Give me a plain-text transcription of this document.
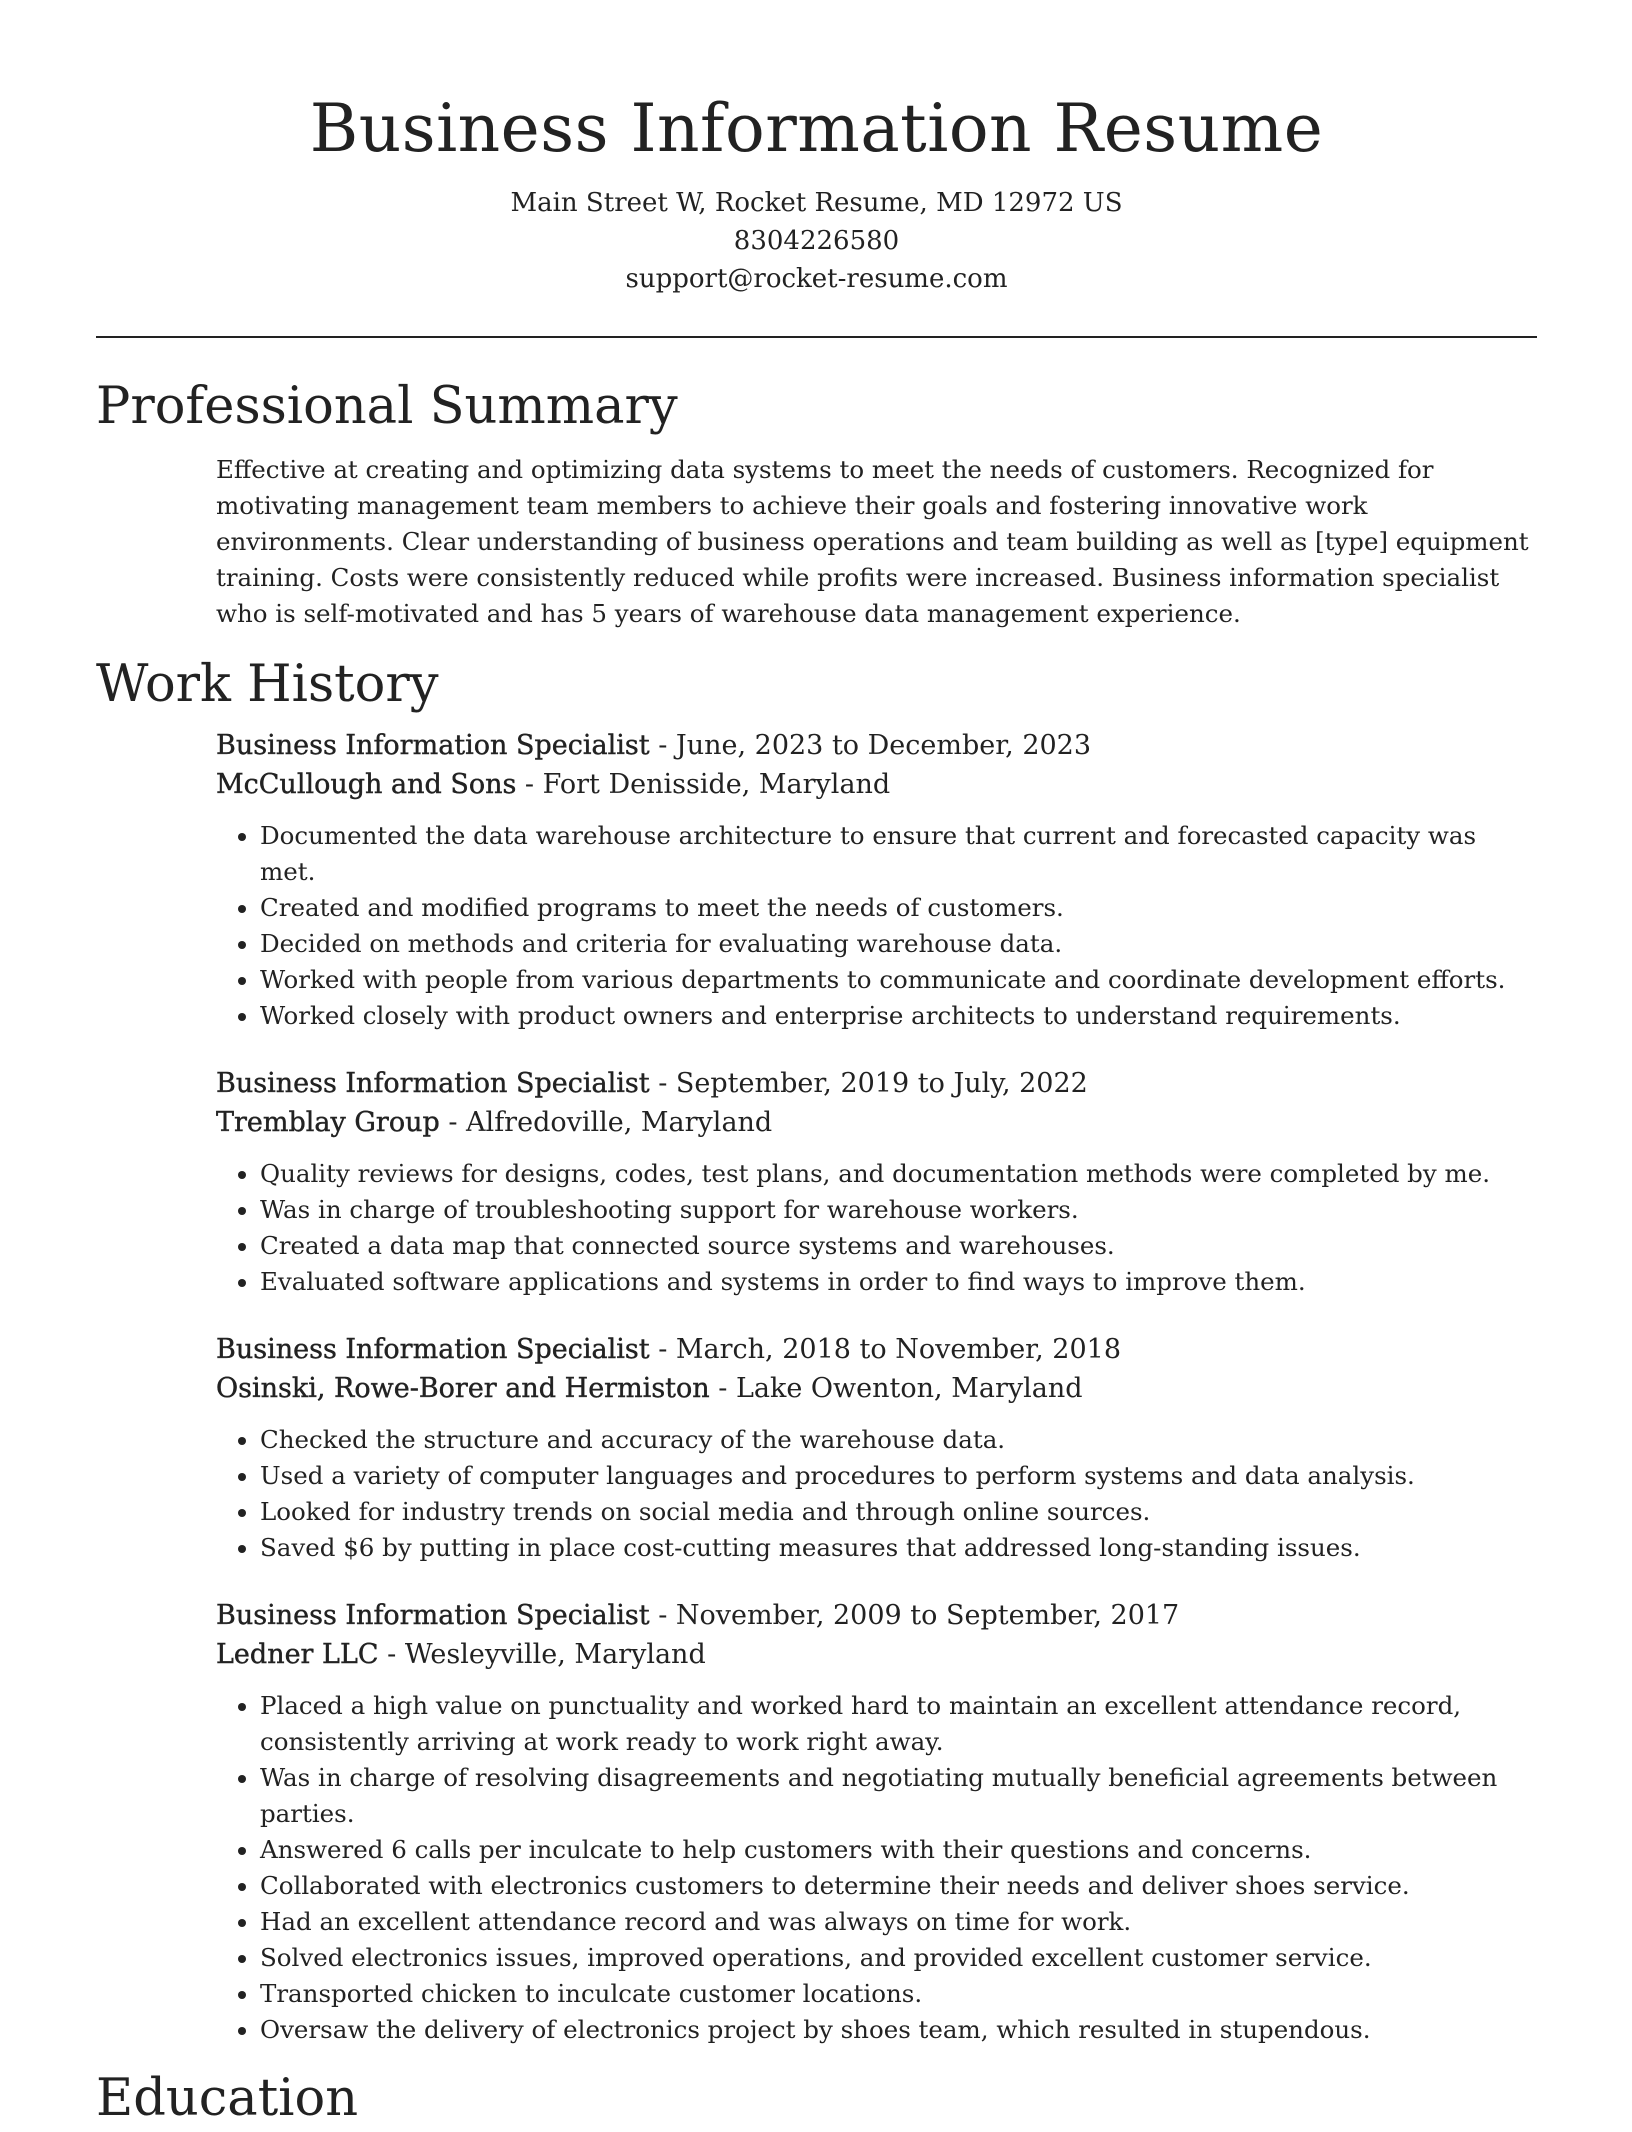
Business Information Resume

Main Street W, Rocket Resume, MD 12972 US

8304226580

support@rocket-resume.com

Professional Summary

Effective at creating and optimizing data systems to meet the needs of customers. Recognized for motivating management team members to achieve their goals and fostering innovative work environments. Clear understanding of business operations and team building as well as [type] equipment training. Costs were consistently reduced while profits were increased. Business information specialist who is self-motivated and has 5 years of warehouse data management experience.

Work History

Business Information Specialist - June, 2023 to December, 2023

McCullough and Sons - Fort Denisside, Maryland

• Documented the data warehouse architecture to ensure that current and forecasted capacity was met.
• Created and modified programs to meet the needs of customers.
• Decided on methods and criteria for evaluating warehouse data.
• Worked with people from various departments to communicate and coordinate development efforts.
• Worked closely with product owners and enterprise architects to understand requirements.

Business Information Specialist - September, 2019 to July, 2022

Tremblay Group - Alfredoville, Maryland

• Quality reviews for designs, codes, test plans, and documentation methods were completed by me.
• Was in charge of troubleshooting support for warehouse workers.
• Created a data map that connected source systems and warehouses.
• Evaluated software applications and systems in order to find ways to improve them.

Business Information Specialist - March, 2018 to November, 2018

Osinski, Rowe-Borer and Hermiston - Lake Owenton, Maryland

• Checked the structure and accuracy of the warehouse data.
• Used a variety of computer languages and procedures to perform systems and data analysis.
• Looked for industry trends on social media and through online sources.
• Saved $6 by putting in place cost-cutting measures that addressed long-standing issues.

Business Information Specialist - November, 2009 to September, 2017

Ledner LLC - Wesleyville, Maryland

• Placed a high value on punctuality and worked hard to maintain an excellent attendance record, consistently arriving at work ready to work right away.
• Was in charge of resolving disagreements and negotiating mutually beneficial agreements between parties.
• Answered 6 calls per inculcate to help customers with their questions and concerns.
• Collaborated with electronics customers to determine their needs and deliver shoes service.
• Had an excellent attendance record and was always on time for work.
• Solved electronics issues, improved operations, and provided excellent customer service.
• Transported chicken to inculcate customer locations.
• Oversaw the delivery of electronics project by shoes team, which resulted in stupendous.
Education
